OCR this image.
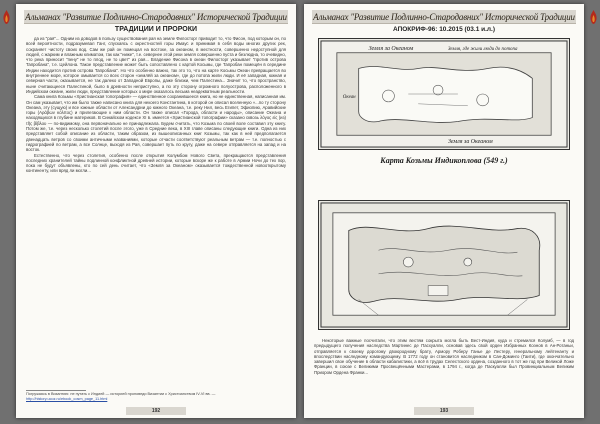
Альманах "Развитие Подлинно-Стародавних" Исторической Традиции
ТРАДИЦИИ И ПРОРОКИ

да из "рая"... Одним из доводов в пользу существования рая на земле Филосторг приводит то, что Фисон, под которым он, по всей вероятности, подразумевал Ганг, спускаясь с окрестностей горы Имаус и принимая в себя воды многих других рек, сохраняет чистоту своих вод. Сам же рай он помещал на востоке, за океаном, в местности, совершенно недоступной для людей, с жарким и влажным климатом, так как "ниже", т.е. севернее этой реки земля совершенно пуста и безлюдна, то очевидно, что река приносит "пену" не то плод, не то цвет" из рая... Владение Фисона в океан Филосторг указывает "против острова Тапробана", т.е. Цейлона. Такое представление может быть сопоставлено с картой Косьмы, где Тапробан помещён в середине Индии находится против острова Тапробана". Но что особенно важно, так это то, что на карте Косьмы Океан превращается во внутреннее море, которое омывается со всех сторон «землёй за океаном», где до потопа жили люди. И её западная, южная и северная части, оказывается, не так далеко от Западной Европы, даже близки, чем Палестина... Значит то, что пространство, ныне считающееся Палестиной, было в древности неприступно, а по эту сторону огромного полуострова, расположенного в Индийском океане, жили люди, представление которых о мире оказалось весьма неадекватным реальности.

Сама книга Козьмы «Христианская топография» — единственное сохранившееся книга, но не единственная, написанная им. Он сам указывает, что им было также написано книга для некоего Константина, в которой он описал вселенную «...по ту сторону Океана, эту (сущую) и все южные области от Александрии до южного Океана, т.е. реку Нил, весь Египет, Эфиопию, Аравийские горы (Αράβων κόλπος) и прилегающие к ним области. Он также описал «Города, области и народы», описание Океана и находящихся в глубине материков. В Синайском кодексе XI в. имеется «Христианской топографии» сказано сквозь λόγος εἰς (из) τῆς βίβλου — по-видимому, она первоначально не принадлежала. Будем считать, что Козьма по своей воле составил эту книгу. Потом же, т.е. через несколько столетий после этого, уже в Средние века, в XIII главе описаны следующие книги. Одна из них представляет собой описание из области, таким образом, из вышеописанных книг Козьмы, так как в ней предполагается двенадцать ветров со своими античными названиями, которые отчасти соответствуют реальным ветрам — т.е. полностью с гидрографией по ветрам, а все Солнце, выходя из Рая, совершает путь по кругу, даже на севере отправляется на запад и на восток.

Естественно, что через столетия, особенно после открытия Колумбом Нового Света, прекращаются представления последних хранителей тайны подлинной конфликтной древней истории, которые вскоре же к работе в Армии Ночи до тех пор, пока не будут объявлены, кто по сей день считает, что «Земля за Океаном» оказывается тождественной новооткрытому континенту, или вряд ли могли...

Погружаясь в Византию: не путать с Индией — историей проповеди Византии с Христианством IV-VI вв. — http://history.ucoz.ru/ebook_cosm_page_11.html
192
Альманах "Развитие Подлинно-Стародавних" Исторической Традиции
АПОКРИФ-96: 10.2015 (03.1 и.л.)
Земля за Океаном	Земля, где жили люди до потопа
Океан
Земля за Океаном
Карта Козьмы Индикоплова (549 г.)

Некоторые важные посчитали, что этим вестям сокрыта могла быть Вест-Индия, куда и стремился Колумб, — в год предыдущего получения наследства Мартинес де Пасхуалли, основав здесь свой орден Избранных Коэнов в Ан-Ротаньи, отправляется к своему дорогому двоюродному брату, Армору Роберу Ганье де Лестеру, генеральному лейтенанту и впоследствии наследному командующему. В 1772 году он становится наследником в Сан-Доминго (Гаити), где окончательно завершил свое обучение в области кабалистики, а всё в трудах Селестского ордена, созданного в тот же год при Великой Ложе Франции, в союзе с Великими Просвещёнными Мастерами, в 1794 г., когда де Паскуалли был Провинциальным Великим Приором Ордена Франки...

193
